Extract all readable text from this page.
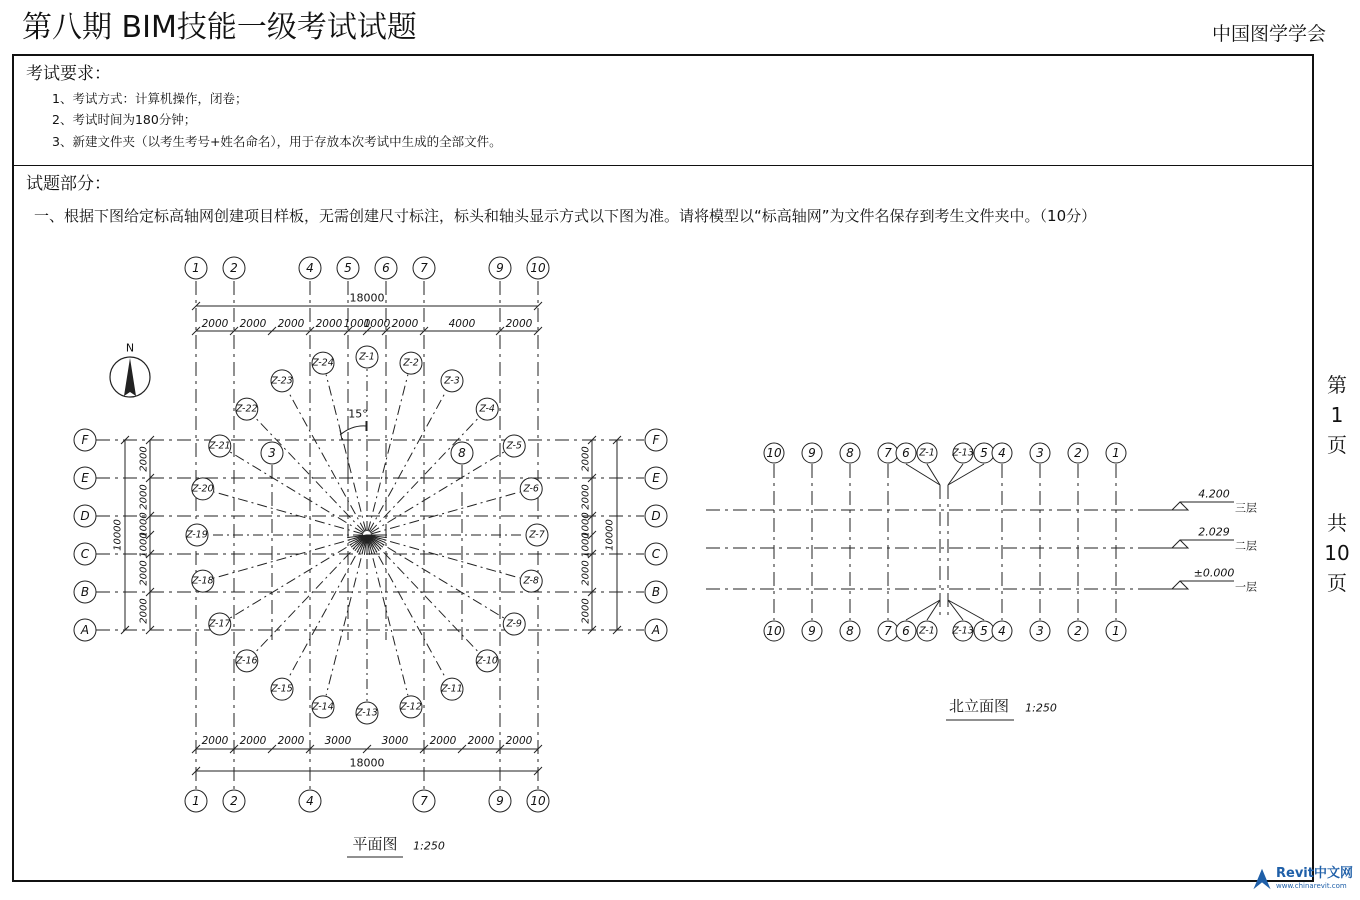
第八期 BIM技能一级考试试题	中国图学学会
考试要求：
1、考试方式：计算机操作，闭卷；
2、考试时间为180分钟；
3、新建文件夹（以考生考号+姓名命名），用于存放本次考试中生成的全部文件。
试题部分：
一、根据下图给定标高轴网创建项目样板，无需创建尺寸标注，标头和轴头显示方式以下图为准。请将模型以“标高轴网”为文件名保存到考生文件夹中。（10分）
第
1
页
共
10
页
3	8
1	2	4	5	6	7	9 10
1	2	4	7	9 10
F	F
E	E
D	D
C	C
B	B
A	A
Z-1
Z-2
Z-3
Z-4
Z-5
Z-6
Z-7
Z-8
Z-9
Z-10
Z-11
Z-12
Z-13
Z-14
Z-15
Z-16
Z-17
Z-18
Z-19
Z-20
Z-21
Z-22
Z-23
Z-24
15°
N
18000
2000 2000 2000 2000 1000
1000 2000	4000	2000
2000 2000 2000 3000	3000 2000 2000 2000
18000
2000
2000
1000
1000
2000
2000
10000
2000
2000
1000
1000
2000
2000
10000
平面图 1:250
10
10
9
9
8
8
7
7
6
6
Z-1
Z-1
Z-13
Z-13
5
5
4
4
3
3
2
2
1
1
4.200
三层
2.029
二层
±0.000
一层
北立面图 1:250
Revit中文网
www.chinarevit.com
